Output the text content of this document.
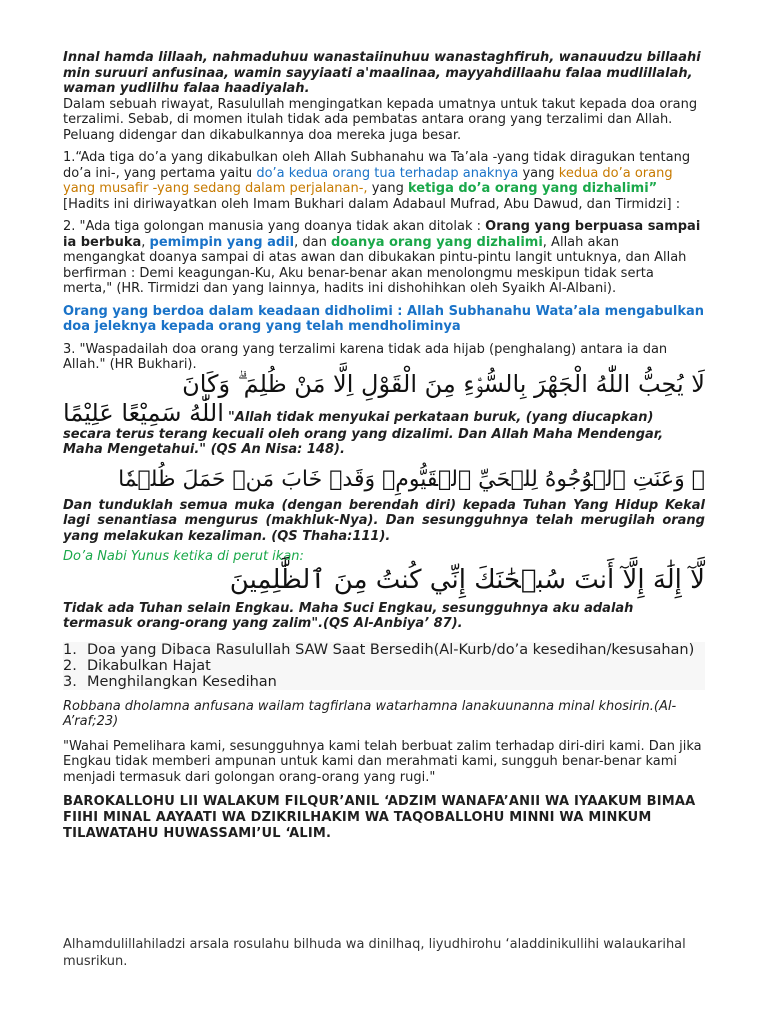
Innal hamda lillaah, nahmaduhuu wanastaiinuhuu wanastaghfiruh, wanauudzu billaahi min suruuri anfusinaa, wamin sayyiaati a'maalinaa, mayyahdillaahu falaa mudlillalah, waman yudlilhu falaa haadiyalah.

Dalam sebuah riwayat, Rasulullah mengingatkan kepada umatnya untuk takut kepada doa orang terzalimi. Sebab, di momen itulah tidak ada pembatas antara orang yang terzalimi dan Allah. Peluang didengar dan dikabulkannya doa mereka juga besar.

1.“Ada tiga do’a yang dikabulkan oleh Allah Subhanahu wa Ta’ala -yang tidak diragukan tentang do’a ini-, yang pertama yaitu do’a kedua orang tua terhadap anaknya yang kedua do’a orang yang musafir -yang sedang dalam perjalanan-, yang ketiga do’a orang yang dizhalimi”

[Hadits ini diriwayatkan oleh Imam Bukhari dalam Adabaul Mufrad, Abu Dawud, dan Tirmidzi] :

2. "Ada tiga golongan manusia yang doanya tidak akan ditolak : Orang yang berpuasa sampai ia berbuka, pemimpin yang adil, dan doanya orang yang dizhalimi, Allah akan mengangkat doanya sampai di atas awan dan dibukakan pintu-pintu langit untuknya, dan Allah berfirman : Demi keagungan-Ku, Aku benar-benar akan menolongmu meskipun tidak serta merta," (HR. Tirmidzi dan yang lainnya, hadits ini dishohihkan oleh Syaikh Al-Albani).

Orang yang berdoa dalam keadaan didholimi : Allah Subhanahu Wata’ala mengabulkan doa jeleknya kepada orang yang telah mendholiminya

3. "Waspadailah doa orang yang terzalimi karena tidak ada hijab (penghalang) antara ia dan Allah." (HR Bukhari).

لَا يُحِبُّ اللّٰهُ الْجَهْرَ بِالسُّوْۤءِ مِنَ الْقَوْلِ اِلَّا مَنْ ظُلِمَ ۗ وَكَانَ

اللّٰهُ سَمِيْعًا عَلِيْمًا "Allah tidak menyukai perkataan buruk, (yang diucapkan) secara terus terang kecuali oleh orang yang dizalimi. Dan Allah Maha Mendengar, Maha Mengetahui." (QS An Nisa: 148).

۞ وَعَنَتِ ٱلۡوُجُوهُ لِلۡحَيِّ ٱلۡقَيُّومِۖ وَقَدۡ خَابَ مَنۡ حَمَلَ ظُلۡمٗا

Dan tunduklah semua muka (dengan berendah diri) kepada Tuhan Yang Hidup Kekal lagi senantiasa mengurus (makhluk-Nya). Dan sesungguhnya telah merugilah orang yang melakukan kezaliman. (QS Thaha:111).

Do’a Nabi Yunus ketika di perut ikan:

لَّآ إِلَٰهَ إِلَّآ أَنتَ سُبۡحَٰنَكَ إِنِّي كُنتُ مِنَ ٱلظَّٰلِمِينَ

Tidak ada Tuhan selain Engkau. Maha Suci Engkau, sesungguhnya aku adalah termasuk orang-orang yang zalim".(QS Al-Anbiya’ 87).

1. Doa yang Dibaca Rasulullah SAW Saat Bersedih(Al-Kurb/do’a kesedihan/kesusahan)
2. Dikabulkan Hajat
3. Menghilangkan Kesedihan

Robbana dholamna anfusana wailam tagfirlana watarhamna lanakuunanna minal khosirin.(Al-A’raf;23)

"Wahai Pemelihara kami, sesungguhnya kami telah berbuat zalim terhadap diri-diri kami. Dan jika Engkau tidak memberi ampunan untuk kami dan merahmati kami, sungguh benar-benar kami menjadi termasuk dari golongan orang-orang yang rugi."

BAROKALLOHU LII WALAKUM FILQUR’ANIL ‘ADZIM WANAFA’ANII WA IYAAKUM BIMAA FIIHI MINAL AAYAATI WA DZIKRILHAKIM WA TAQOBALLOHU MINNI WA MINKUM TILAWATAHU HUWASSAMI’UL ‘ALIM.

Alhamdulillahiladzi arsala rosulahu bilhuda wa dinilhaq, liyudhirohu ‘aladdinikullihi walaukarihal musrikun.
